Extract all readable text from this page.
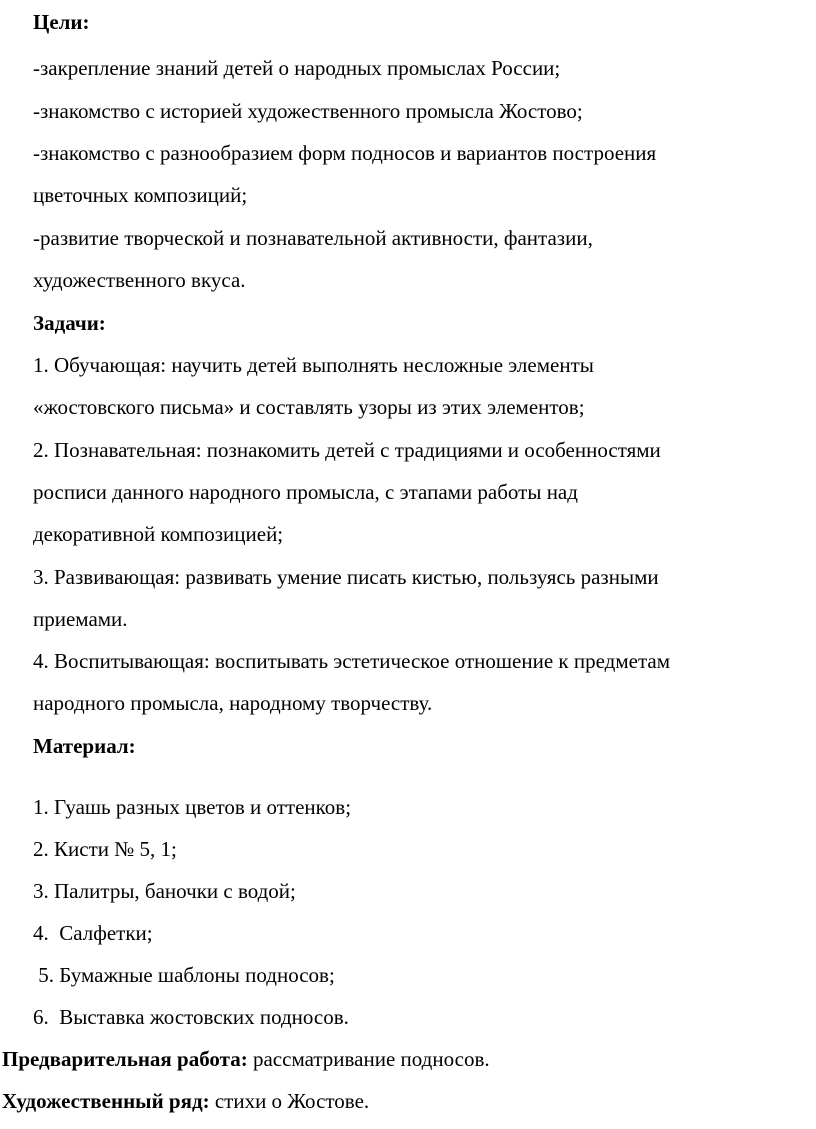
Цели:
-закрепление знаний детей о народных промыслах России;
-знакомство с историей художественного промысла Жостово;
-знакомство с разнообразием форм подносов и вариантов построения
цветочных композиций;
-развитие творческой и познавательной активности, фантазии,
художественного вкуса.
Задачи:
1. Обучающая: научить детей выполнять несложные элементы
«жостовского письма» и составлять узоры из этих элементов;
2. Познавательная: познакомить детей с традициями и особенностями
росписи данного народного промысла, с этапами работы над
декоративной композицией;
3. Развивающая: развивать умение писать кистью, пользуясь разными
приемами.
4. Воспитывающая: воспитывать эстетическое отношение к предметам
народного промысла, народному творчеству.
Материал:
1. Гуашь разных цветов и оттенков;
2. Кисти № 5, 1;
3. Палитры, баночки с водой;
4.  Салфетки;
5. Бумажные шаблоны подносов;
6.  Выставка жостовских подносов.
Предварительная работа: рассматривание подносов.
Художественный ряд: стихи о Жостове.
